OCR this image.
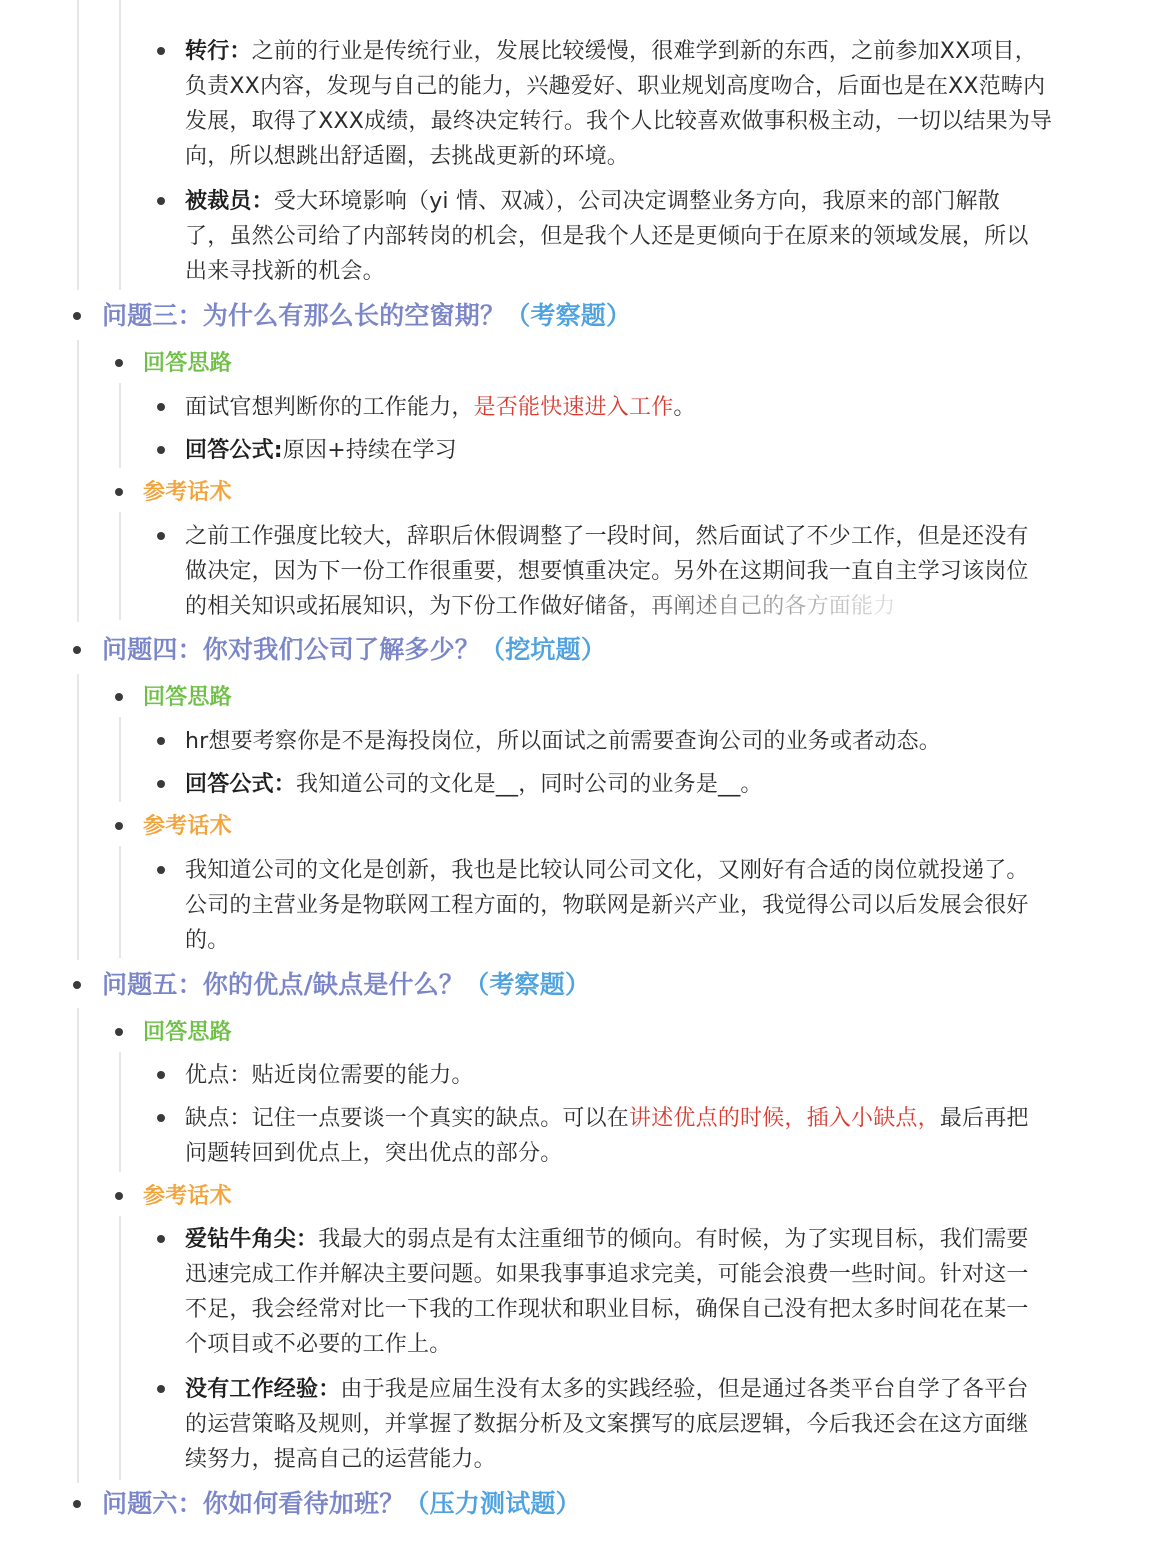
转行：之前的行业是传统行业，发展比较缓慢，很难学到新的东西，之前参加XX项目，
负责XX内容，发现与自己的能力，兴趣爱好、职业规划高度吻合，后面也是在XX范畴内
发展，取得了XXX成绩，最终决定转行。我个人比较喜欢做事积极主动，一切以结果为导
向，所以想跳出舒适圈，去挑战更新的环境。
被裁员：受大环境影响（yi 情、双减），公司决定调整业务方向，我原来的部门解散
了，虽然公司给了内部转岗的机会，但是我个人还是更倾向于在原来的领域发展，所以
出来寻找新的机会。
问题三：为什么有那么长的空窗期？（考察题）
回答思路
面试官想判断你的工作能力，是否能快速进入工作。
回答公式:原因+持续在学习
参考话术
之前工作强度比较大，辞职后休假调整了一段时间，然后面试了不少工作，但是还没有
做决定，因为下一份工作很重要，想要慎重决定。另外在这期间我一直自主学习该岗位
的相关知识或拓展知识，为下份工作做好储备，再阐述自己的各方面能力
问题四：你对我们公司了解多少？（挖坑题）
回答思路
hr想要考察你是不是海投岗位，所以面试之前需要查询公司的业务或者动态。
回答公式：我知道公司的文化是__，同时公司的业务是__。
参考话术
我知道公司的文化是创新，我也是比较认同公司文化，又刚好有合适的岗位就投递了。
公司的主营业务是物联网工程方面的，物联网是新兴产业，我觉得公司以后发展会很好
的。
问题五：你的优点/缺点是什么？（考察题）
回答思路
优点：贴近岗位需要的能力。
缺点：记住一点要谈一个真实的缺点。可以在讲述优点的时候，插入小缺点，最后再把
问题转回到优点上，突出优点的部分。
参考话术
爱钻牛角尖：我最大的弱点是有太注重细节的倾向。有时候，为了实现目标，我们需要
迅速完成工作并解决主要问题。如果我事事追求完美，可能会浪费一些时间。针对这一
不足，我会经常对比一下我的工作现状和职业目标，确保自己没有把太多时间花在某一
个项目或不必要的工作上。
没有工作经验：由于我是应届生没有太多的实践经验，但是通过各类平台自学了各平台
的运营策略及规则，并掌握了数据分析及文案撰写的底层逻辑，今后我还会在这方面继
续努力，提高自己的运营能力。
问题六：你如何看待加班？（压力测试题）
